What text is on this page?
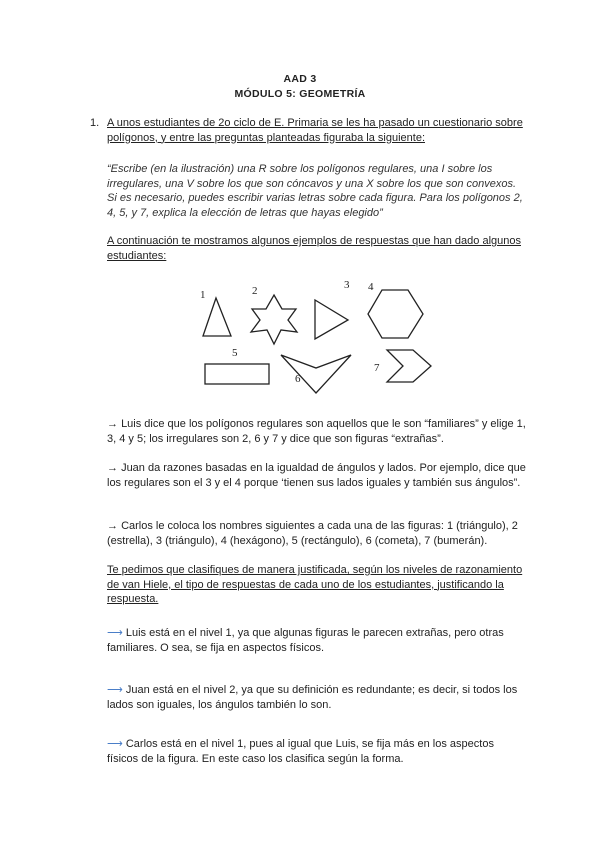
AAD 3
MÓDULO 5: GEOMETRÍA
1. A unos estudiantes de 2o ciclo de E. Primaria se les ha pasado un cuestionario sobre polígonos, y entre las preguntas planteadas figuraba la siguiente:

“Escribe (en la ilustración) una R sobre los polígonos regulares, una I sobre los irregulares, una V sobre los que son cóncavos y una X sobre los que son convexos. Si es necesario, puedes escribir varias letras sobre cada figura. Para los polígonos 2, 4, 5, y 7, explica la elección de letras que hayas elegido”

A continuación te mostramos algunos ejemplos de respuestas que han dado algunos estudiantes:

1	2	3 4
5
6
7

→ Luis dice que los polígonos regulares son aquellos que le son “familiares” y elige 1, 3, 4 y 5; los irregulares son 2, 6 y 7 y dice que son figuras “extrañas”.

→ Juan da razones basadas en la igualdad de ángulos y lados. Por ejemplo, dice que los regulares son el 3 y el 4 porque ‘tienen sus lados iguales y también sus ángulos”.

→ Carlos le coloca los nombres siguientes a cada una de las figuras: 1 (triángulo), 2 (estrella), 3 (triángulo), 4 (hexágono), 5 (rectángulo), 6 (cometa), 7 (bumerán).

Te pedimos que clasifiques de manera justificada, según los niveles de razonamiento de van Hiele, el tipo de respuestas de cada uno de los estudiantes, justificando la respuesta.

⟶ Luis está en el nivel 1, ya que algunas figuras le parecen extrañas, pero otras familiares. O sea, se fija en aspectos físicos.

⟶ Juan está en el nivel 2, ya que su definición es redundante; es decir, si todos los lados son iguales, los ángulos también lo son.

⟶ Carlos está en el nivel 1, pues al igual que Luis, se fija más en los aspectos físicos de la figura. En este caso los clasifica según la forma.
